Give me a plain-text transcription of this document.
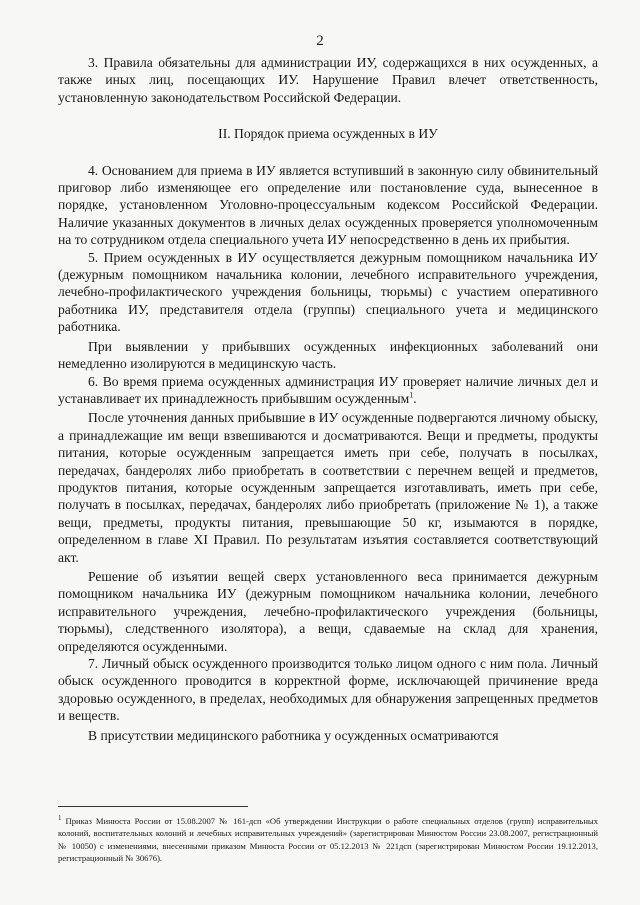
2

3. Правила обязательны для администрации ИУ, содержащихся в них осужденных, а также иных лиц, посещающих ИУ. Нарушение Правил влечет ответственность, установленную законодательством Российской Федерации.

II. Порядок приема осужденных в ИУ

4. Основанием для приема в ИУ является вступивший в законную силу обвинительный приговор либо изменяющее его определение или постановление суда, вынесенное в порядке, установленном Уголовно-процессуальным кодексом Российской Федерации. Наличие указанных документов в личных делах осужденных проверяется уполномоченным на то сотрудником отдела специального учета ИУ непосредственно в день их прибытия.

5. Прием осужденных в ИУ осуществляется дежурным помощником начальника ИУ (дежурным помощником начальника колонии, лечебного исправительного учреждения, лечебно-профилактического учреждения больницы, тюрьмы) с участием оперативного работника ИУ, представителя отдела (группы) специального учета и медицинского работника.

При выявлении у прибывших осужденных инфекционных заболеваний они немедленно изолируются в медицинскую часть.

6. Во время приема осужденных администрация ИУ проверяет наличие личных дел и устанавливает их принадлежность прибывшим осужденным$^1$.

После уточнения данных прибывшие в ИУ осужденные подвергаются личному обыску, а принадлежащие им вещи взвешиваются и досматриваются. Вещи и предметы, продукты питания, которые осужденным запрещается иметь при себе, получать в посылках, передачах, бандеролях либо приобретать в соответствии с перечнем вещей и предметов, продуктов питания, которые осужденным запрещается изготавливать, иметь при себе, получать в посылках, передачах, бандеролях либо приобретать (приложение № 1), а также вещи, предметы, продукты питания, превышающие 50 кг, изымаются в порядке, определенном в главе XI Правил. По результатам изъятия составляется соответствующий акт.

Решение об изъятии вещей сверх установленного веса принимается дежурным помощником начальника ИУ (дежурным помощником начальника колонии, лечебного исправительного учреждения, лечебно-профилактического учреждения (больницы, тюрьмы), следственного изолятора), а вещи, сдаваемые на склад для хранения, определяются осужденными.

7. Личный обыск осужденного производится только лицом одного с ним пола. Личный обыск осужденного проводится в корректной форме, исключающей причинение вреда здоровью осужденного, в пределах, необходимых для обнаружения запрещенных предметов и веществ.

В присутствии медицинского работника у осужденных осматриваются

$^1$ Приказ Минюста России от 15.08.2007 № 161-дсп «Об утверждении Инструкции о работе специальных отделов (групп) исправительных колоний, воспитательных колоний и лечебных исправительных учреждений» (зарегистрирован Минюстом России 23.08.2007, регистрационный № 10050) с изменениями, внесенными приказом Минюста России от 05.12.2013 № 221дсп (зарегистрирован Минюстом России 19.12.2013, регистрационный № 30676).
